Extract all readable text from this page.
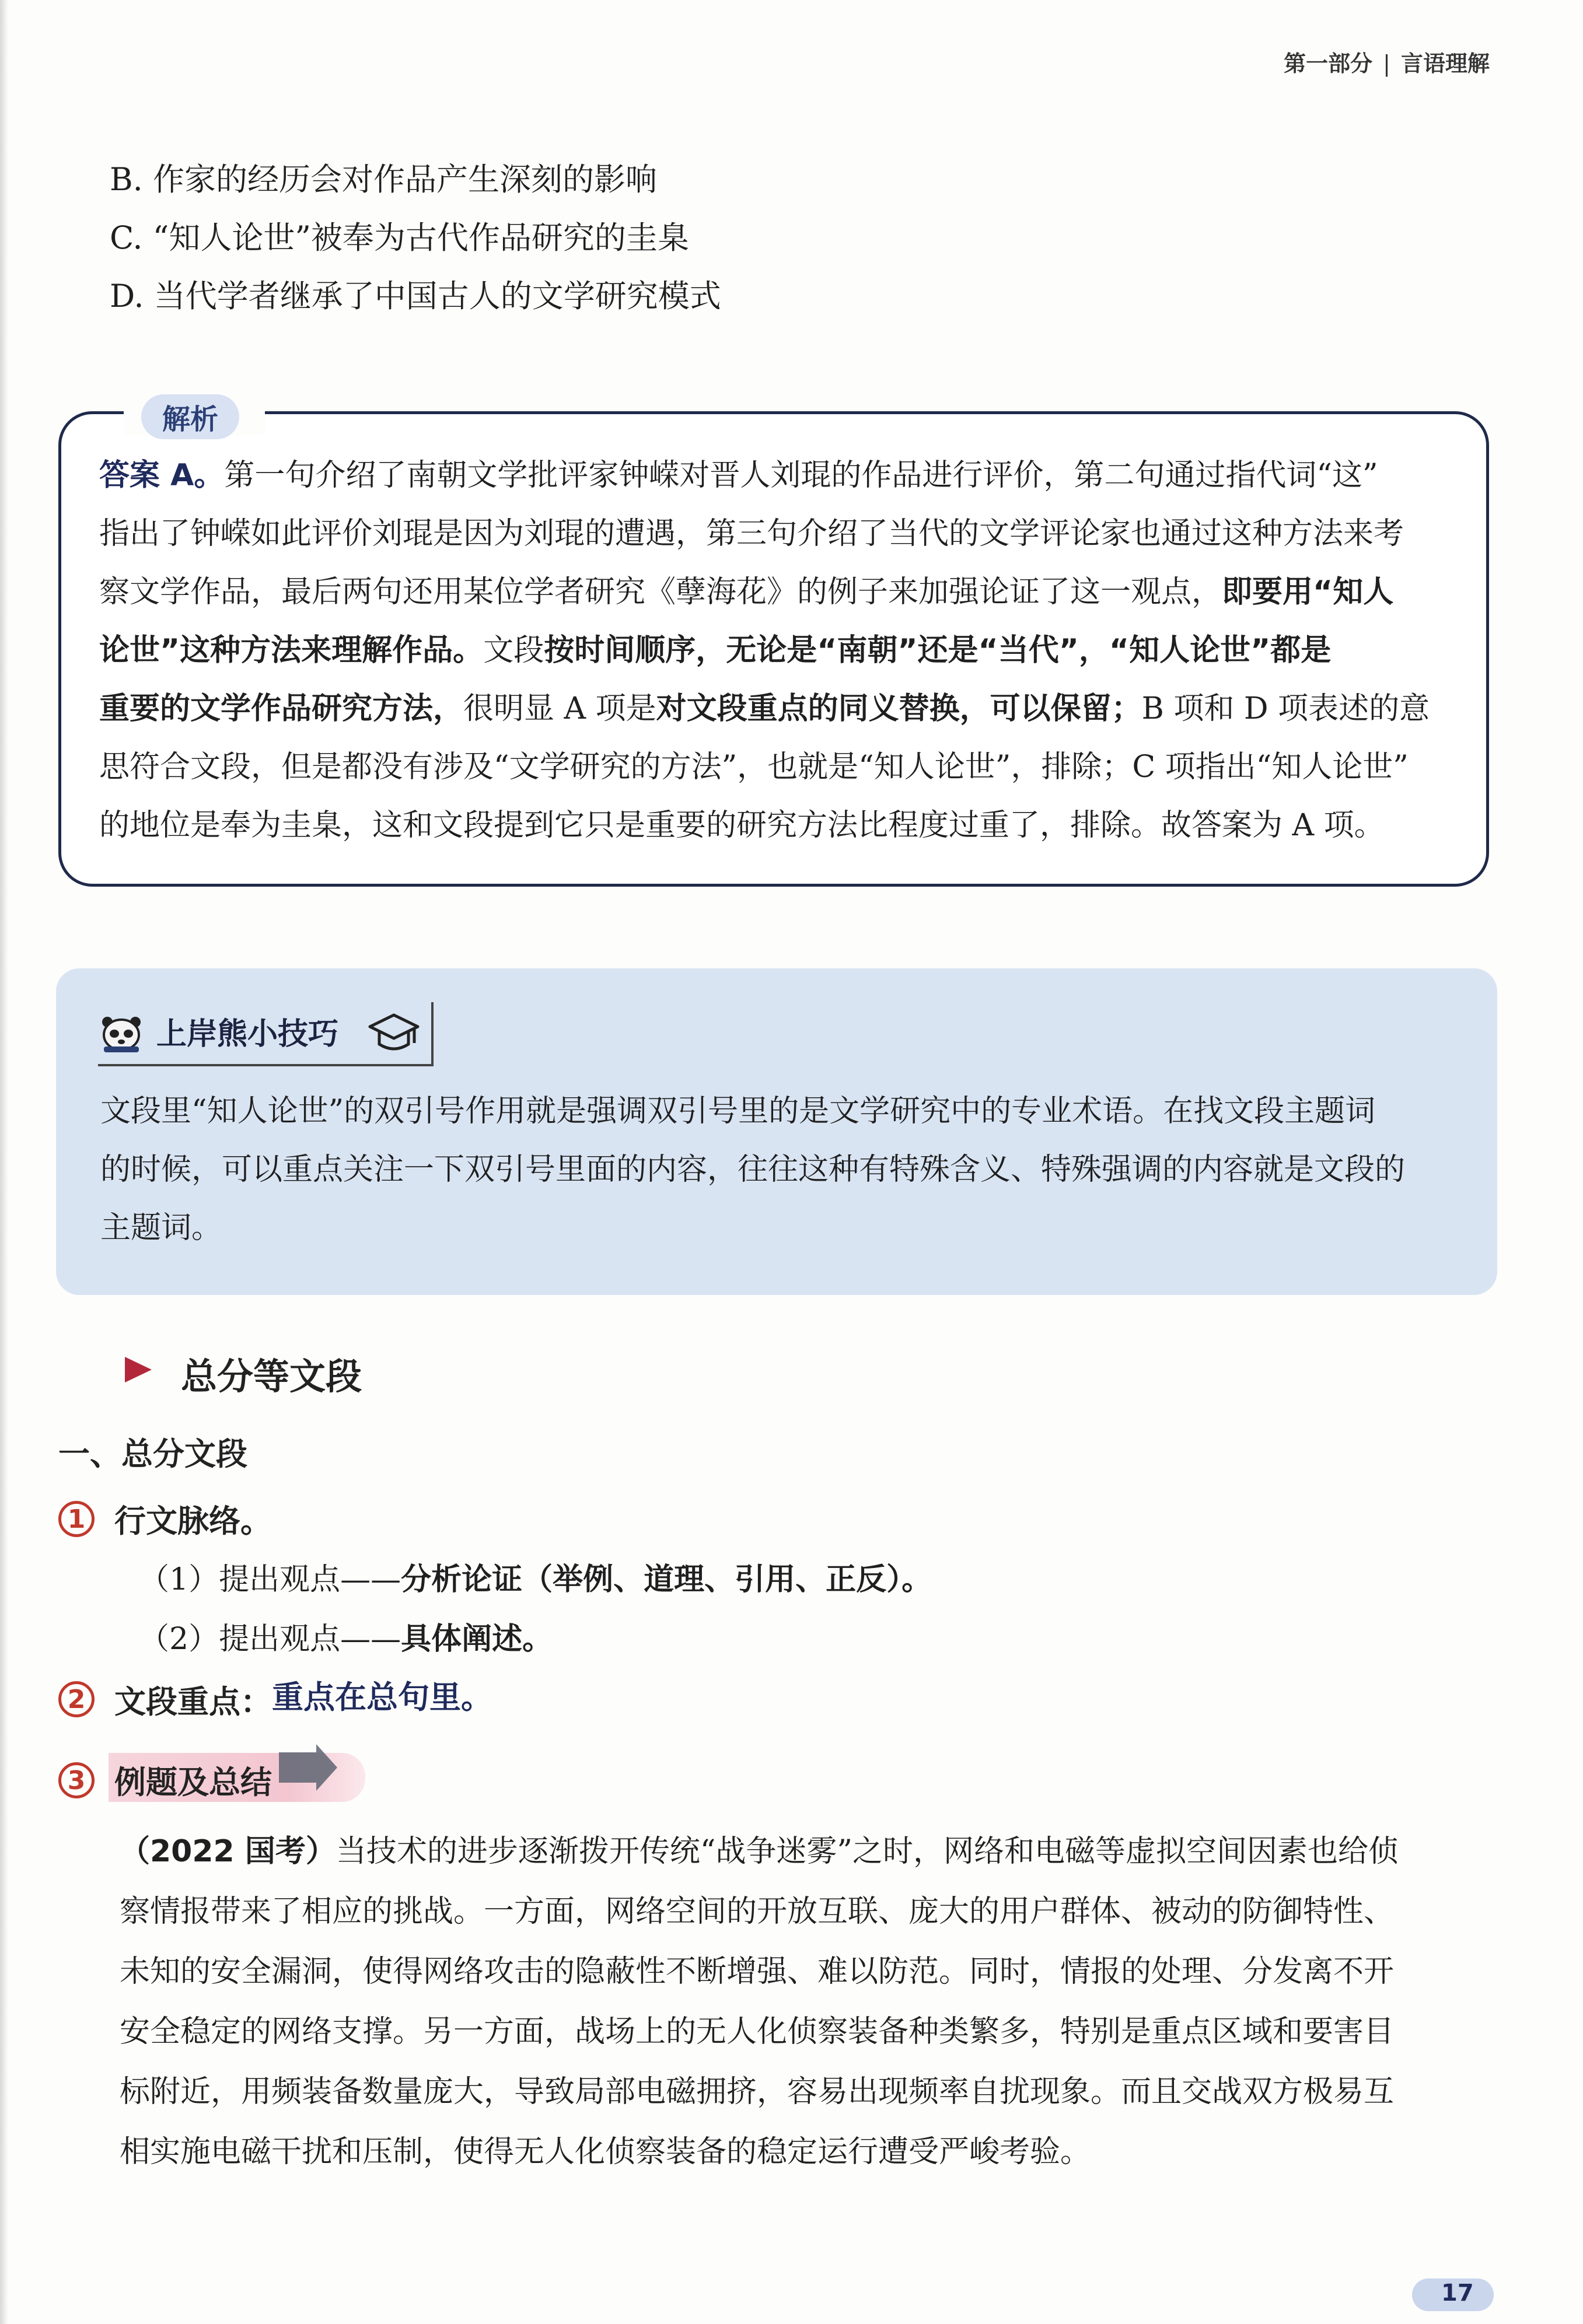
第一部分 | 言语理解
B. 作家的经历会对作品产生深刻的影响
C. “知人论世”被奉为古代作品研究的圭臬
D. 当代学者继承了中国古人的文学研究模式
解析
答案 A。第一句介绍了南朝文学批评家钟嵘对晋人刘琨的作品进行评价，第二句通过指代词“这”
指出了钟嵘如此评价刘琨是因为刘琨的遭遇，第三句介绍了当代的文学评论家也通过这种方法来考
察文学作品，最后两句还用某位学者研究《孽海花》的例子来加强论证了这一观点，即要用“知人
论世”这种方法来理解作品。文段按时间顺序，无论是“南朝”还是“当代”，“知人论世”都是
重要的文学作品研究方法，很明显 A 项是对文段重点的同义替换，可以保留；B 项和 D 项表述的意
思符合文段，但是都没有涉及“文学研究的方法”，也就是“知人论世”，排除；C 项指出“知人论世”
的地位是奉为圭臬，这和文段提到它只是重要的研究方法比程度过重了，排除。故答案为 A 项。
上岸熊小技巧
文段里“知人论世”的双引号作用就是强调双引号里的是文学研究中的专业术语。在找文段主题词
的时候，可以重点关注一下双引号里面的内容，往往这种有特殊含义、特殊强调的内容就是文段的
主题词。
总分等文段
一、总分文段
1 行文脉络。
（1）提出观点——分析论证（举例、道理、引用、正反）。
（2）提出观点——具体阐述。
2 文段重点：重点在总句里。
3 例题及总结
（2022 国考）当技术的进步逐渐拨开传统“战争迷雾”之时，网络和电磁等虚拟空间因素也给侦
察情报带来了相应的挑战。一方面，网络空间的开放互联、庞大的用户群体、被动的防御特性、
未知的安全漏洞，使得网络攻击的隐蔽性不断增强、难以防范。同时，情报的处理、分发离不开
安全稳定的网络支撑。另一方面，战场上的无人化侦察装备种类繁多，特别是重点区域和要害目
标附近，用频装备数量庞大，导致局部电磁拥挤，容易出现频率自扰现象。而且交战双方极易互
相实施电磁干扰和压制，使得无人化侦察装备的稳定运行遭受严峻考验。
17
